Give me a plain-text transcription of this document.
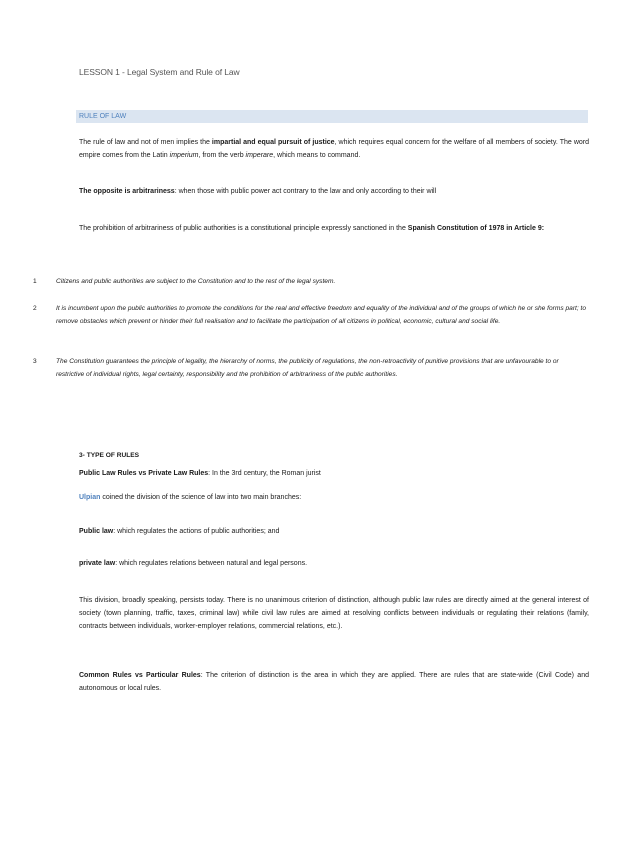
LESSON 1 - Legal System and Rule of Law
RULE OF LAW
The rule of law and not of men implies the impartial and equal pursuit of justice, which requires equal concern for the welfare of all members of society. The word empire comes from the Latin imperium, from the verb imperare, which means to command.
The opposite is arbitrariness: when those with public power act contrary to the law and only according to their will
The prohibition of arbitrariness of public authorities is a constitutional principle expressly sanctioned in the Spanish Constitution of 1978 in Article 9:
1	Citizens and public authorities are subject to the Constitution and to the rest of the legal system.
2	It is incumbent upon the public authorities to promote the conditions for the real and effective freedom and equality of the individual and of the groups of which he or she forms part; to remove obstacles which prevent or hinder their full realisation and to facilitate the participation of all citizens in political, economic, cultural and social life.
3	The Constitution guarantees the principle of legality, the hierarchy of norms, the publicity of regulations, the non-retroactivity of punitive provisions that are unfavourable to or restrictive of individual rights, legal certainty, responsibility and the prohibition of arbitrariness of the public authorities.
3- TYPE OF RULES
Public Law Rules vs Private Law Rules: In the 3rd century, the Roman jurist
Ulpian coined the division of the science of law into two main branches:
Public law: which regulates the actions of public authorities; and
private law: which regulates relations between natural and legal persons.
This division, broadly speaking, persists today. There is no unanimous criterion of distinction, although public law rules are directly aimed at the general interest of society (town planning, traffic, taxes, criminal law) while civil law rules are aimed at resolving conflicts between individuals or regulating their relations (family, contracts between individuals, worker-employer relations, commercial relations, etc.).
Common Rules vs Particular Rules: The criterion of distinction is the area in which they are applied. There are rules that are state-wide (Civil Code) and autonomous or local rules.
